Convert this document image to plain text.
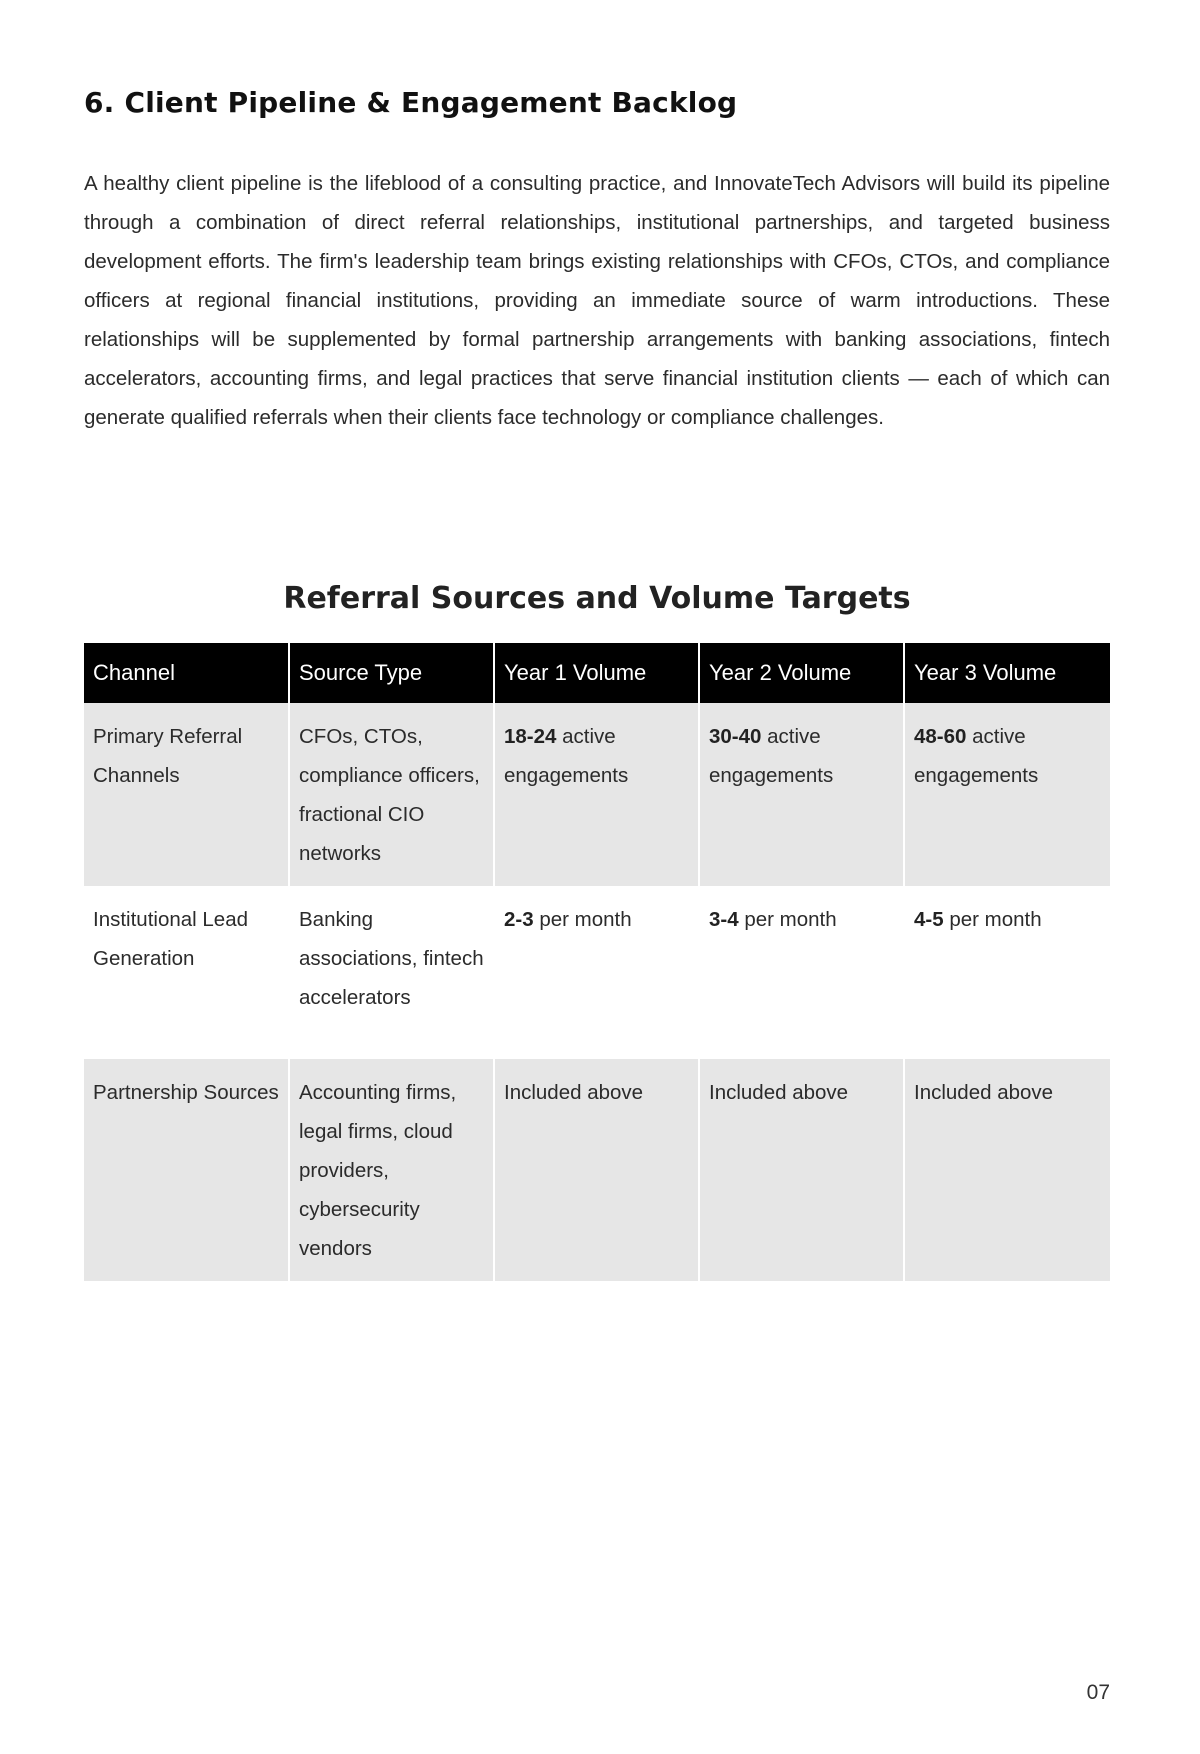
6. Client Pipeline & Engagement Backlog

A healthy client pipeline is the lifeblood of a consulting practice, and InnovateTech Advisors will build its pipeline through a combination of direct referral relationships, institutional partnerships, and targeted business development efforts. The firm's leadership team brings existing relationships with CFOs, CTOs, and compliance officers at regional financial institutions, providing an immediate source of warm introductions. These relationships will be supplemented by formal partnership arrangements with banking associations, fintech accelerators, accounting firms, and legal practices that serve financial institution clients — each of which can generate qualified referrals when their clients face technology or compliance challenges.

Referral Sources and Volume Targets
Channel	Source Type	Year 1 Volume	Year 2 Volume	Year 3 Volume
Primary Referral Channels	CFOs, CTOs, compliance officers, fractional CIO networks	18-24 active engagements	30-40 active engagements	48-60 active engagements
Institutional Lead Generation	Banking associations, fintech accelerators	2-3 per month	3-4 per month	4-5 per month
Partnership Sources	Accounting firms, legal firms, cloud providers, cybersecurity vendors	Included above	Included above	Included above
07
